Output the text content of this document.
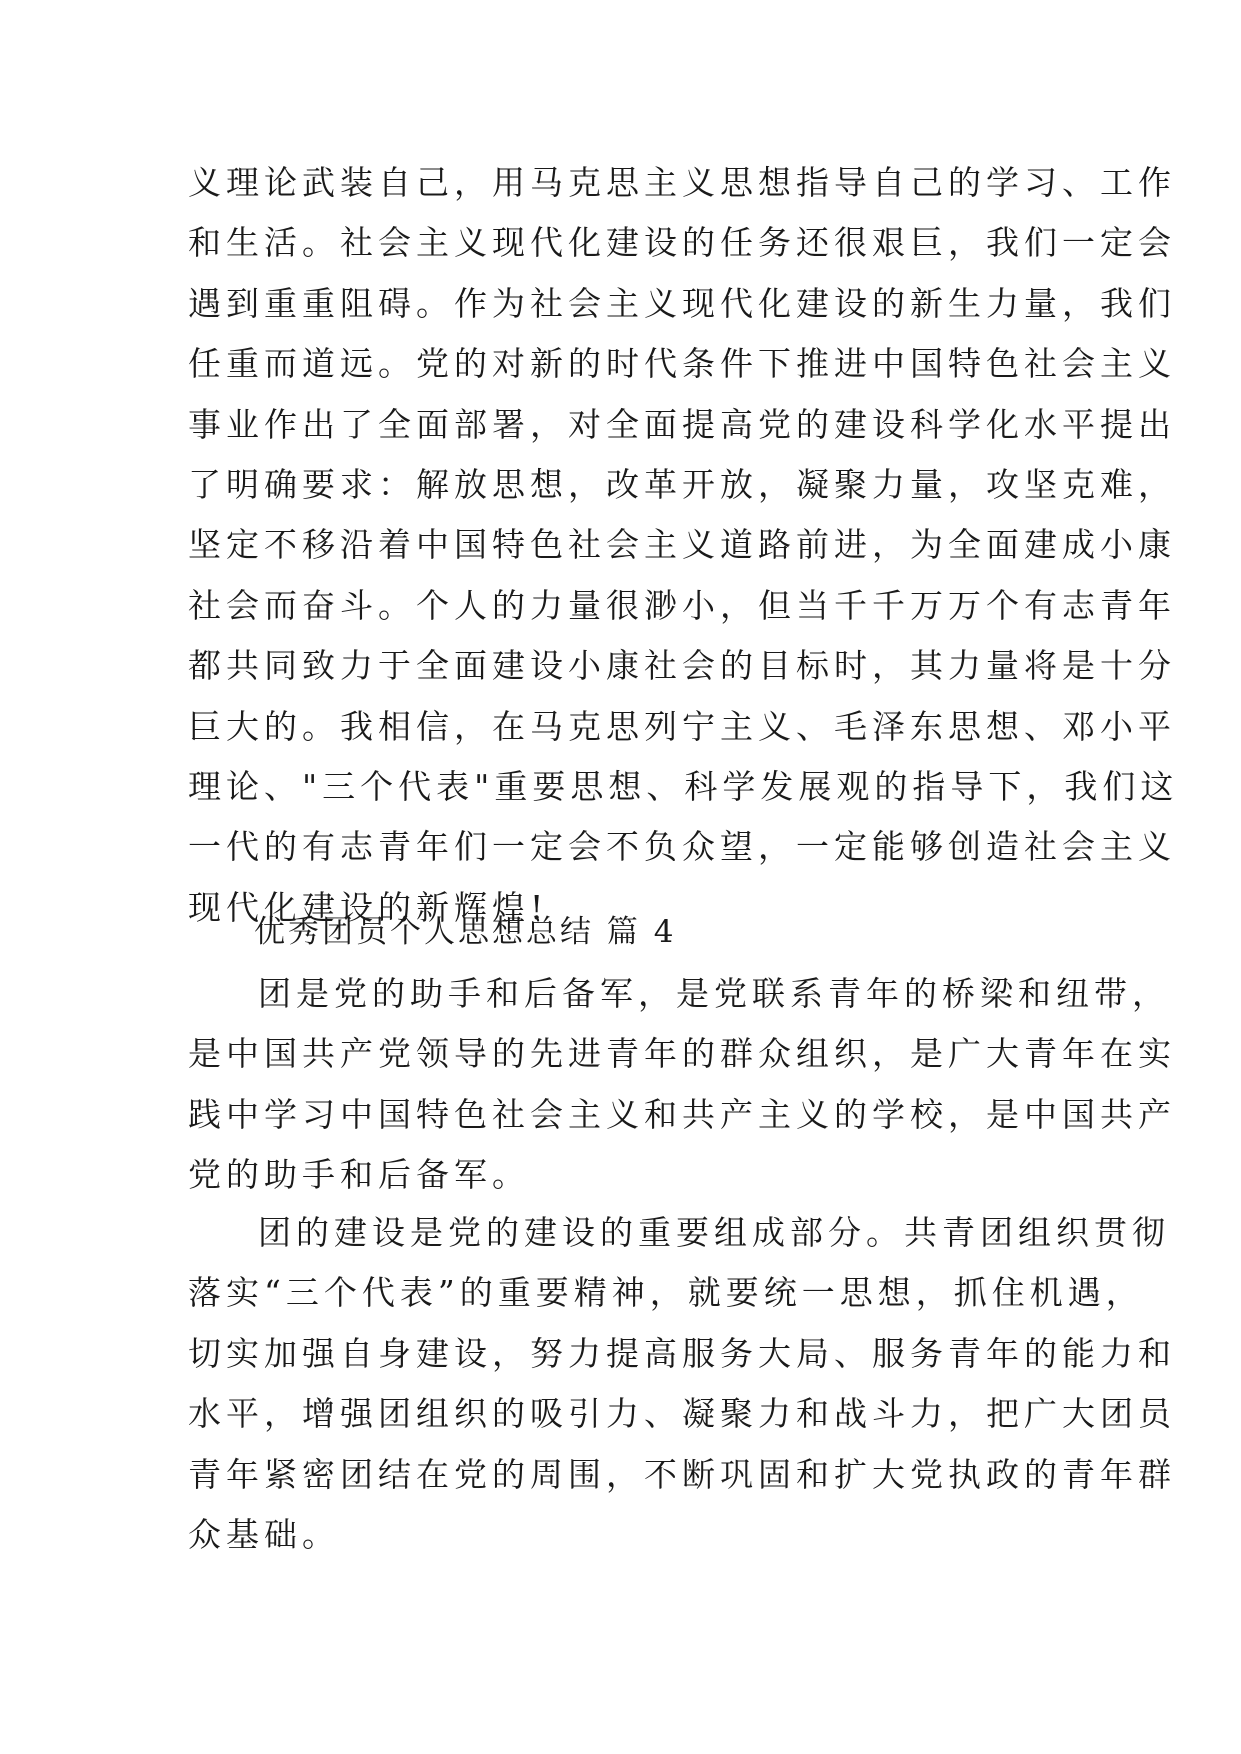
义理论武装自己，用马克思主义思想指导自己的学习、工作
和生活。社会主义现代化建设的任务还很艰巨，我们一定会
遇到重重阻碍。作为社会主义现代化建设的新生力量，我们
任重而道远。党的对新的时代条件下推进中国特色社会主义
事业作出了全面部署，对全面提高党的建设科学化水平提出
了明确要求：解放思想，改革开放，凝聚力量，攻坚克难，
坚定不移沿着中国特色社会主义道路前进，为全面建成小康
社会而奋斗。个人的力量很渺小，但当千千万万个有志青年
都共同致力于全面建设小康社会的目标时，其力量将是十分
巨大的。我相信，在马克思列宁主义、毛泽东思想、邓小平
理论、"三个代表"重要思想、科学发展观的指导下，我们这
一代的有志青年们一定会不负众望，一定能够创造社会主义
现代化建设的新辉煌!
优秀团员个人思想总结 篇 4
团是党的助手和后备军，是党联系青年的桥梁和纽带，
是中国共产党领导的先进青年的群众组织，是广大青年在实
践中学习中国特色社会主义和共产主义的学校，是中国共产
党的助手和后备军。
团的建设是党的建设的重要组成部分。共青团组织贯彻
落实“三个代表”的重要精神，就要统一思想，抓住机遇，
切实加强自身建设，努力提高服务大局、服务青年的能力和
水平，增强团组织的吸引力、凝聚力和战斗力，把广大团员
青年紧密团结在党的周围，不断巩固和扩大党执政的青年群
众基础。
